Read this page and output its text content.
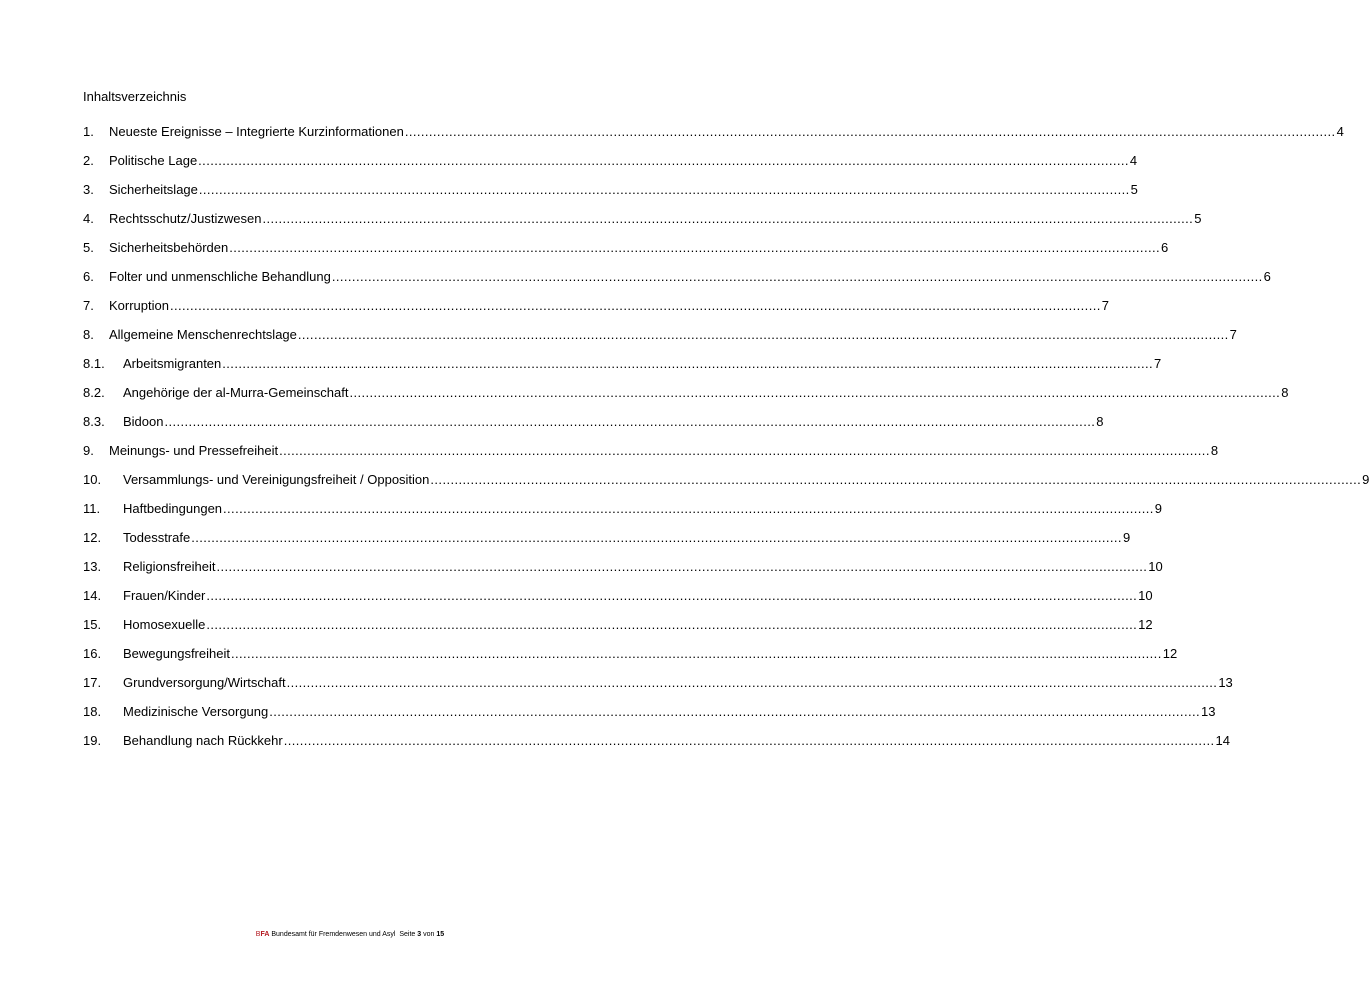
Inhaltsverzeichnis
1.	Neueste Ereignisse – Integrierte Kurzinformationen .....	4
2.	Politische Lage .....	4
3.	Sicherheitslage .....	5
4.	Rechtsschutz/Justizwesen .....	5
5.	Sicherheitsbehörden .....	6
6.	Folter und unmenschliche Behandlung .....	6
7.	Korruption .....	7
8.	Allgemeine Menschenrechtslage .....	7
8.1.	Arbeitsmigranten .....	7
8.2.	Angehörige der al-Murra-Gemeinschaft .....	8
8.3.	Bidoon .....	8
9.	Meinungs- und Pressefreiheit .....	8
10.	Versammlungs- und Vereinigungsfreiheit / Opposition .....	9
11.	Haftbedingungen .....	9
12.	Todesstrafe .....	9
13.	Religionsfreiheit .....	10
14.	Frauen/Kinder .....	10
15.	Homosexuelle .....	12
16.	Bewegungsfreiheit .....	12
17.	Grundversorgung/Wirtschaft .....	13
18.	Medizinische Versorgung .....	13
19.	Behandlung nach Rückkehr .....	14
BFA Bundesamt für Fremdenwesen und Asyl Seite 3 von 15
